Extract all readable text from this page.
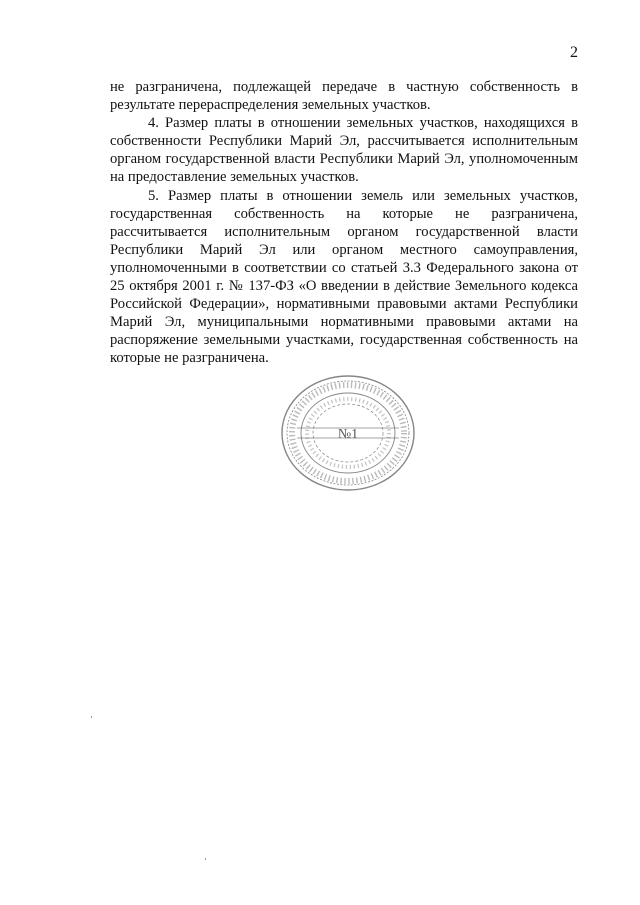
2

не разграничена, подлежащей передаче в частную собственность в результате перераспределения земельных участков.

4. Размер платы в отношении земельных участков, находящихся в собственности Республики Марий Эл, рассчитывается исполнительным органом государственной власти Республики Марий Эл, уполномоченным на предоставление земельных участков.

5. Размер платы в отношении земель или земельных участков, государственная собственность на которые не разграничена, рассчитывается исполнительным органом государственной власти Республики Марий Эл или органом местного самоуправления, уполномоченными в соответствии со статьей 3.3 Федерального закона от 25 октября 2001 г. № 137-ФЗ «О введении в действие Земельного кодекса Российской Федерации», нормативными правовыми актами Республики Марий Эл, муниципальными нормативными правовыми актами на распоряжение земельными участками, государственная собственность на которые не разграничена.

№1
